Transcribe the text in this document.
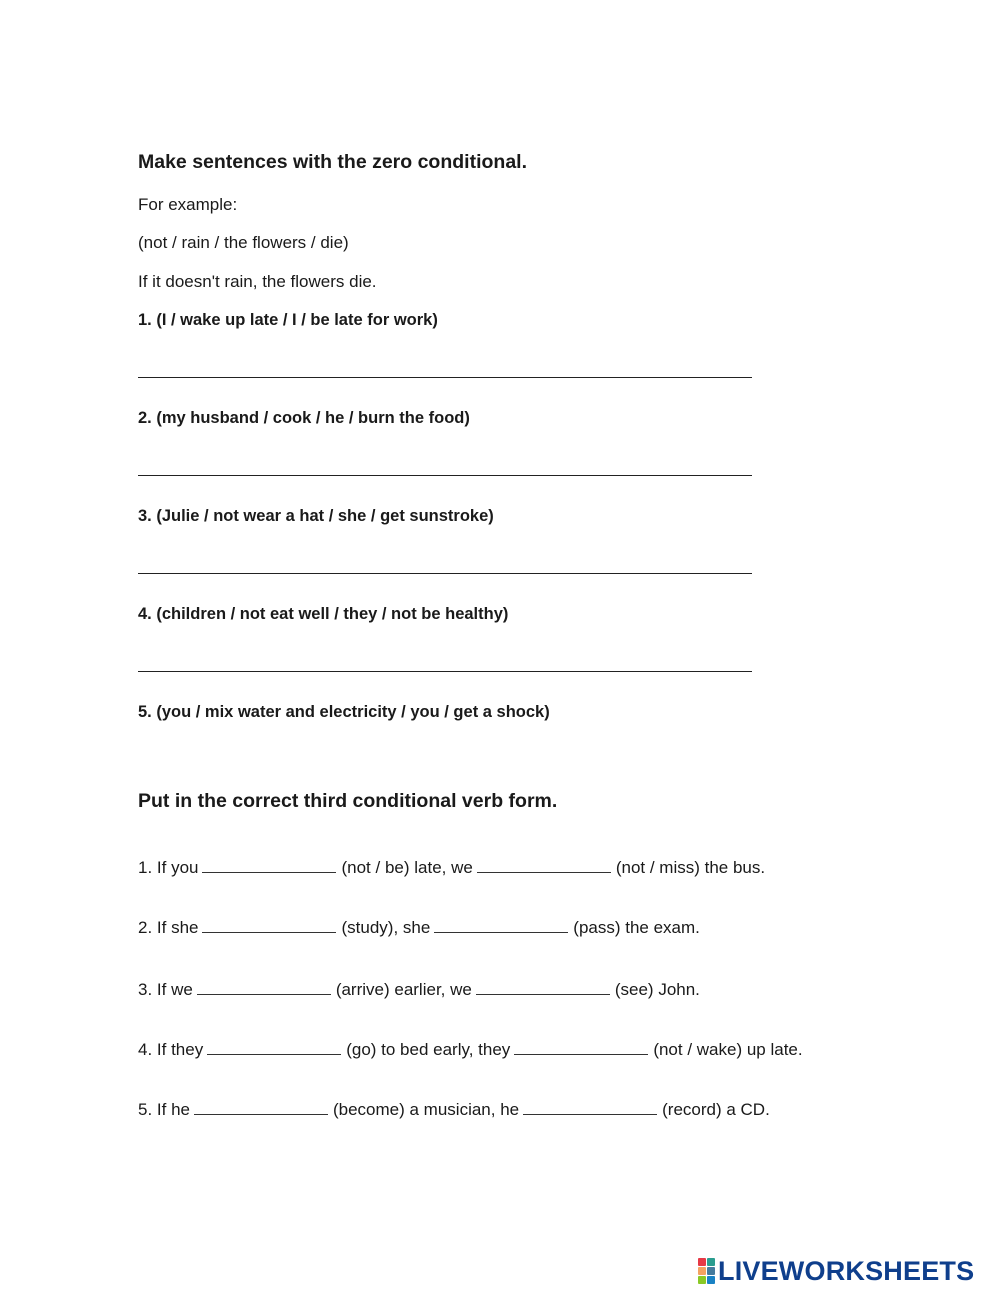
Make sentences with the zero conditional.
For example:
(not / rain / the flowers / die)
If it doesn't rain, the flowers die.
1. (I / wake up late / I / be late for work)
2. (my husband / cook / he / burn the food)
3. (Julie / not wear a hat / she / get sunstroke)
4. (children / not eat well / they / not be healthy)
5. (you / mix water and electricity / you / get a shock)
Put in the correct third conditional verb form.
1. If you	(not / be) late, we	(not / miss) the bus.
2. If she	(study), she	(pass) the exam.
3. If we	(arrive) earlier, we	(see) John.
4. If they	(go) to bed early, they	(not / wake) up late.
5. If he	(become) a musician, he	(record) a CD.
LIVEWORKSHEETS
